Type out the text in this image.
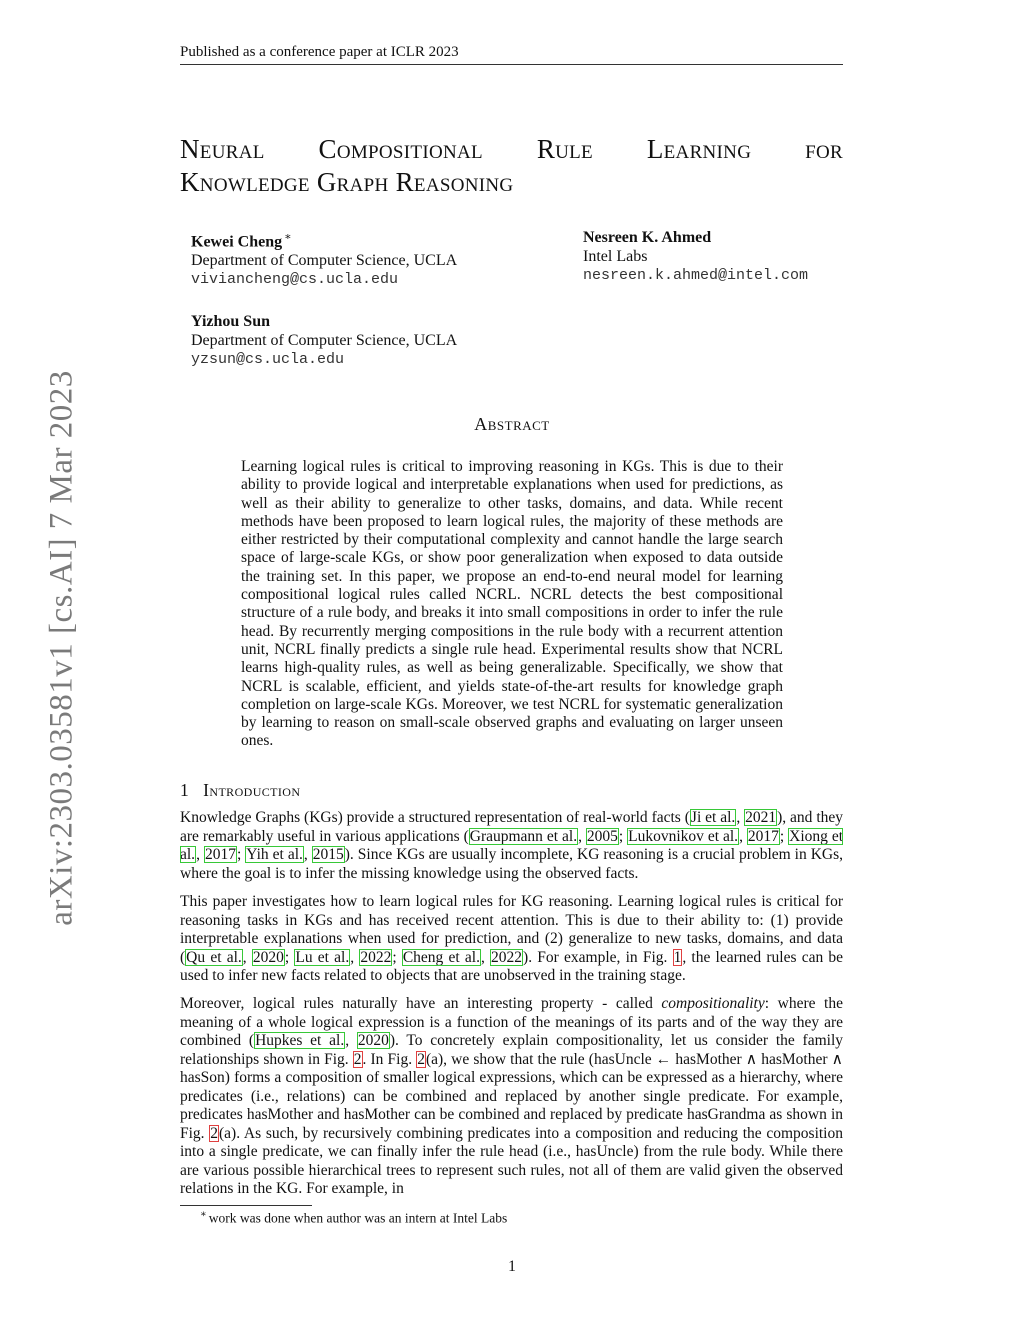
Published as a conference paper at ICLR 2023
arXiv:2303.03581v1 [cs.AI] 7 Mar 2023
Neural Compositional Rule Learning for
Knowledge Graph Reasoning
Kewei Cheng ∗
Department of Computer Science, UCLA
viviancheng@cs.ucla.edu
Nesreen K. Ahmed
Intel Labs
nesreen.k.ahmed@intel.com
Yizhou Sun
Department of Computer Science, UCLA
yzsun@cs.ucla.edu
Abstract
Learning logical rules is critical to improving reasoning in KGs. This is due to their ability to provide logical and interpretable explanations when used for predictions, as well as their ability to generalize to other tasks, domains, and data. While recent methods have been proposed to learn logical rules, the majority of these methods are either restricted by their computational complexity and cannot handle the large search space of large-scale KGs, or show poor generalization when exposed to data outside the training set. In this paper, we propose an end-to-end neural model for learning compositional logical rules called NCRL. NCRL detects the best compositional structure of a rule body, and breaks it into small compositions in order to infer the rule head. By recurrently merging compositions in the rule body with a recurrent attention unit, NCRL finally predicts a single rule head. Experimental results show that NCRL learns high-quality rules, as well as being generalizable. Specifically, we show that NCRL is scalable, efficient, and yields state-of-the-art results for knowledge graph completion on large-scale KGs. Moreover, we test NCRL for systematic generalization by learning to reason on small-scale observed graphs and evaluating on larger unseen ones.
1 Introduction
Knowledge Graphs (KGs) provide a structured representation of real-world facts (Ji et al., 2021), and they are remarkably useful in various applications (Graupmann et al., 2005; Lukovnikov et al., 2017; Xiong et al., 2017; Yih et al., 2015). Since KGs are usually incomplete, KG reasoning is a crucial problem in KGs, where the goal is to infer the missing knowledge using the observed facts.
This paper investigates how to learn logical rules for KG reasoning. Learning logical rules is critical for reasoning tasks in KGs and has received recent attention. This is due to their ability to: (1) provide interpretable explanations when used for prediction, and (2) generalize to new tasks, domains, and data (Qu et al., 2020; Lu et al., 2022; Cheng et al., 2022). For example, in Fig. 1, the learned rules can be used to infer new facts related to objects that are unobserved in the training stage.
Moreover, logical rules naturally have an interesting property - called compositionality: where the meaning of a whole logical expression is a function of the meanings of its parts and of the way they are combined (Hupkes et al., 2020). To concretely explain compositionality, let us consider the family relationships shown in Fig. 2. In Fig. 2(a), we show that the rule (hasUncle ← hasMother ∧ hasMother ∧ hasSon) forms a composition of smaller logical expressions, which can be expressed as a hierarchy, where predicates (i.e., relations) can be combined and replaced by another single predicate. For example, predicates hasMother and hasMother can be combined and replaced by predicate hasGrandma as shown in Fig. 2(a). As such, by recursively combining predicates into a composition and reducing the composition into a single predicate, we can finally infer the rule head (i.e., hasUncle) from the rule body. While there are various possible hierarchical trees to represent such rules, not all of them are valid given the observed relations in the KG. For example, in
∗ work was done when author was an intern at Intel Labs
1
